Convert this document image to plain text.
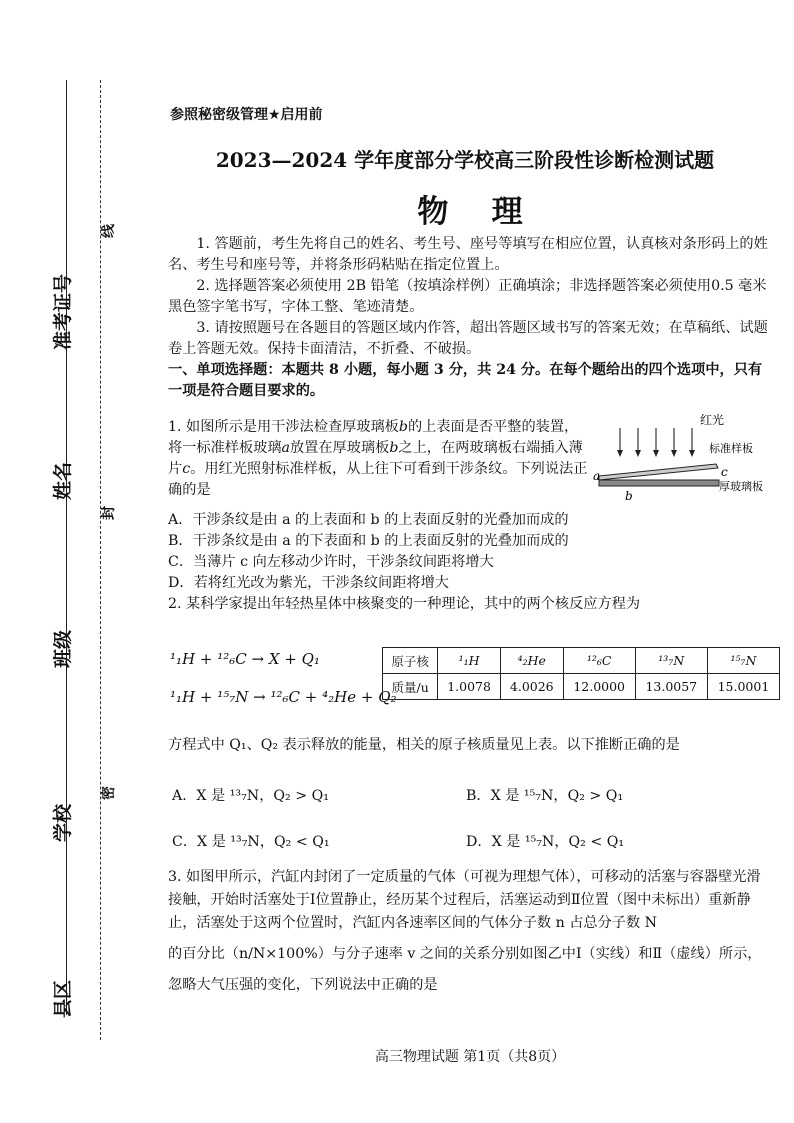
准考证号
姓名
班级
学校
县区
线
封
密
参照秘密级管理★启用前
2023—2024 学年度部分学校高三阶段性诊断检测试题
物    理

1. 答题前，考生先将自己的姓名、考生号、座号等填写在相应位置，认真核对条形码上的姓名、考生号和座号等，并将条形码粘贴在指定位置上。

2. 选择题答案必须使用 2B 铅笔（按填涂样例）正确填涂；非选择题答案必须使用0.5 毫米黑色签字笔书写，字体工整、笔迹清楚。

3. 请按照题号在各题目的答题区域内作答，超出答题区域书写的答案无效；在草稿纸、试题卷上答题无效。保持卡面清洁，不折叠、不破损。

一、单项选择题：本题共 8 小题，每小题 3 分，共 24 分。在每个题给出的四个选项中，只有一项是符合题目要求的。

1. 如图所示是用干涉法检查厚玻璃板b的上表面是否平整的装置，将一标准样板玻璃a放置在厚玻璃板b之上，在两玻璃板右端插入薄片c。用红光照射标准样板，从上往下可看到干涉条纹。下列说法正确的是
红光
a
b
c
标准样板
厚玻璃板

A．干涉条纹是由 a 的上表面和 b 的上表面反射的光叠加而成的

B．干涉条纹是由 a 的下表面和 b 的上表面反射的光叠加而成的

C．当薄片 c 向左移动少许时，干涉条纹间距将增大

D．若将红光改为紫光，干涉条纹间距将增大

2. 某科学家提出年轻热星体中核聚变的一种理论，其中的两个核反应方程为

¹₁H + ¹²₆C → X + Q₁
¹₁H + ¹⁵₇N → ¹²₆C + ⁴₂He + Q₂
原子核	¹₁H	⁴₂He	¹²₆C	¹³₇N	¹⁵₇N
质量/u	1.0078	4.0026	12.0000	13.0057	15.0001
方程式中 Q₁、Q₂ 表示释放的能量，相关的原子核质量见上表。以下推断正确的是
A．X 是 ¹³₇N，Q₂ > Q₁	B．X 是 ¹⁵₇N，Q₂ > Q₁
C．X 是 ¹³₇N，Q₂ < Q₁	D．X 是 ¹⁵₇N，Q₂ < Q₁

3. 如图甲所示，汽缸内封闭了一定质量的气体（可视为理想气体），可移动的活塞与容器壁光滑接触，开始时活塞处于Ⅰ位置静止，经历某个过程后，活塞运动到Ⅱ位置（图中未标出）重新静止，活塞处于这两个位置时，汽缸内各速率区间的气体分子数 n 占总分子数 N

的百分比（n/N×100%）与分子速率 v 之间的关系分别如图乙中Ⅰ（实线）和Ⅱ（虚线）所示，

忽略大气压强的变化，下列说法中正确的是

高三物理试题 第1页（共8页）
